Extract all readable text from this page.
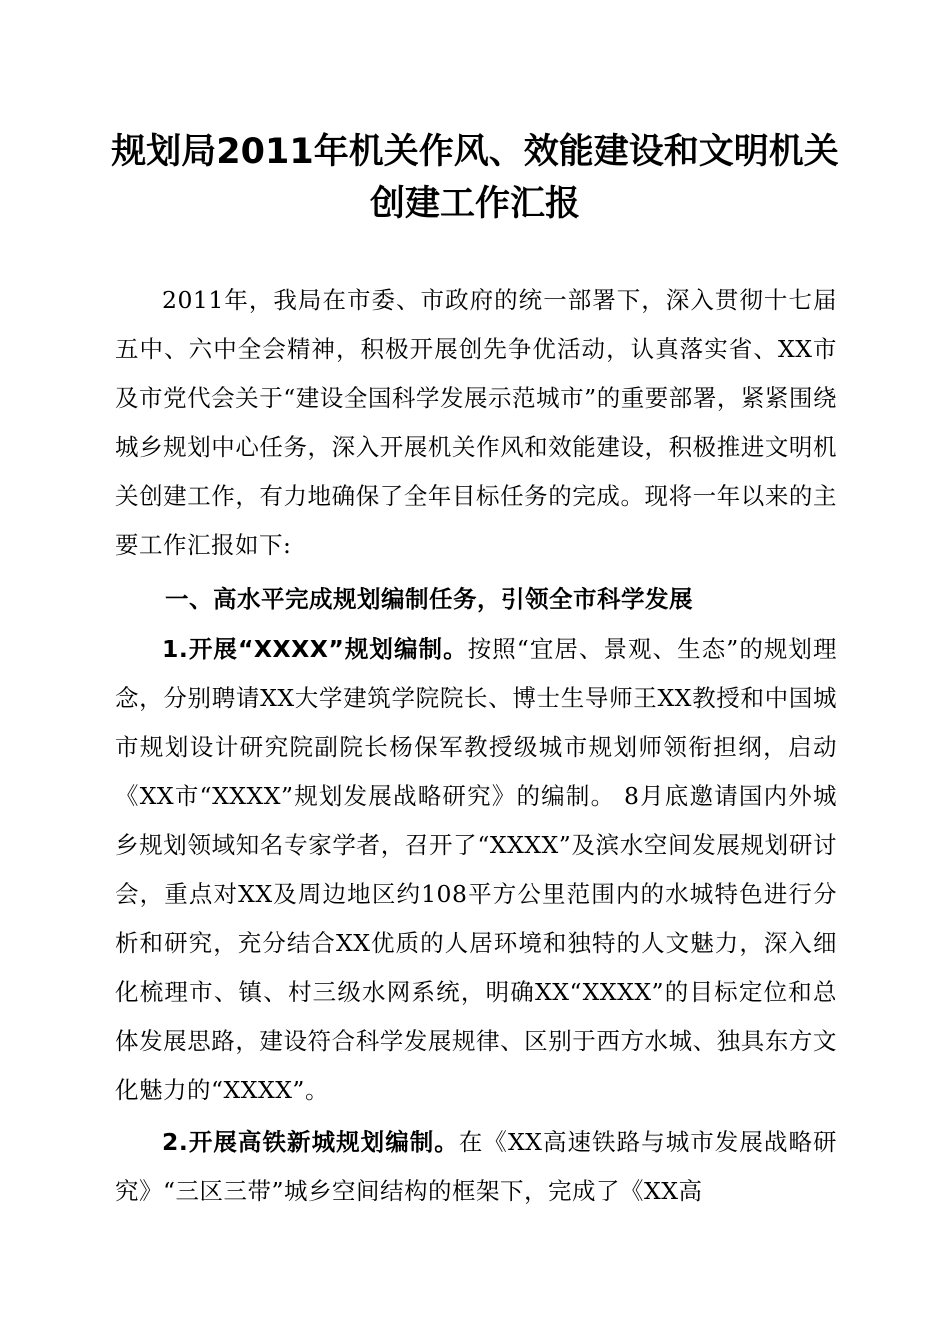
规划局2011年机关作风、效能建设和文明机关
创建工作汇报

2011年，我局在市委、市政府的统一部署下，深入贯彻十七届五中、六中全会精神，积极开展创先争优活动，认真落实省、XX市及市党代会关于“建设全国科学发展示范城市”的重要部署，紧紧围绕城乡规划中心任务，深入开展机关作风和效能建设，积极推进文明机关创建工作，有力地确保了全年目标任务的完成。现将一年以来的主要工作汇报如下:

一、高水平完成规划编制任务，引领全市科学发展

1.开展“XXXX”规划编制。按照“宜居、景观、生态”的规划理念，分别聘请XX大学建筑学院院长、博士生导师王XX教授和中国城市规划设计研究院副院长杨保军教授级城市规划师领衔担纲，启动《XX市“XXXX”规划发展战略研究》的编制。 8月底邀请国内外城乡规划领域知名专家学者，召开了“XXXX”及滨水空间发展规划研讨会，重点对XX及周边地区约108平方公里范围内的水城特色进行分析和研究，充分结合XX优质的人居环境和独特的人文魅力，深入细化梳理市、镇、村三级水网系统，明确XX“XXXX”的目标定位和总体发展思路，建设符合科学发展规律、区别于西方水城、独具东方文化魅力的“XXXX”。

2.开展高铁新城规划编制。在《XX高速铁路与城市发展战略研究》“三区三带”城乡空间结构的框架下，完成了《XX高
